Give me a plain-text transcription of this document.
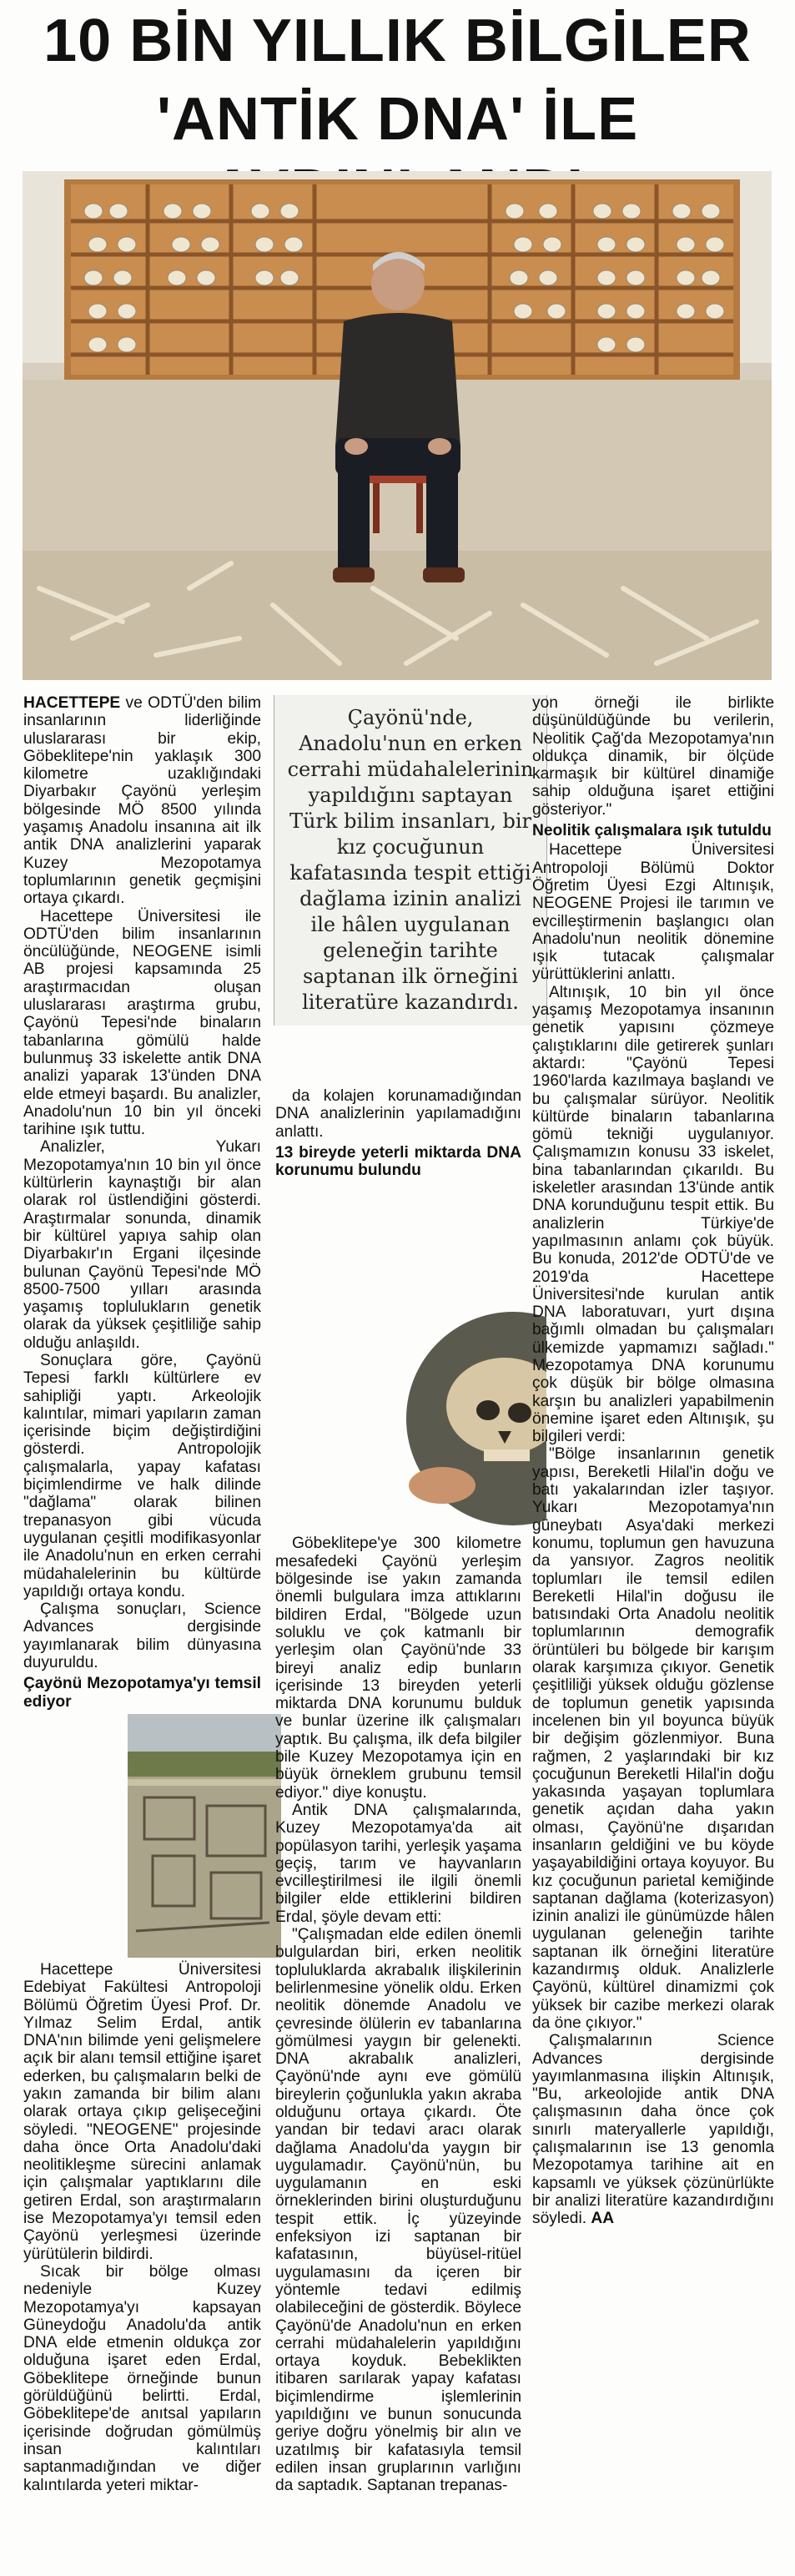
10 BİN YILLIK BİLGİLER
'ANTİK DNA' İLE
Çayönü'nde, Anadolu'nun en erken cerrahi müdahalelerinin yapıldığını saptayan Türk bilim insanları, bir kız çocuğunun kafatasında tespit ettiği dağlama izinin analizi ile hâlen uygulanan geleneğin tarihte saptanan ilk örneğini literatüre kazandırdı.

HACETTEPE ve ODTÜ'den bilim insanlarının liderliğinde uluslararası bir ekip, Göbeklitepe'nin yaklaşık 300 kilometre uzaklığındaki Diyarbakır Çayönü yerleşim bölgesinde MÖ 8500 yılında yaşamış Anadolu insanına ait ilk antik DNA analizlerini yaparak Kuzey Mezopotamya toplumlarının genetik geçmişini ortaya çıkardı.

Hacettepe Üniversitesi ile ODTÜ'den bilim insanlarının öncülüğünde, NEOGENE isimli AB projesi kapsamında 25 araştırmacıdan oluşan uluslararası araştırma grubu, Çayönü Tepesi'nde binaların tabanlarına gömülü halde bulunmuş 33 iskelette antik DNA analizi yaparak 13'ünden DNA elde etmeyi başardı. Bu analizler, Anadolu'nun 10 bin yıl önceki tarihine ışık tuttu.

Analizler, Yukarı Mezopotamya'nın 10 bin yıl önce kültürlerin kaynaştığı bir alan olarak rol üstlendiğini gösterdi. Araştırmalar sonunda, dinamik bir kültürel yapıya sahip olan Diyarbakır'ın Ergani ilçesinde bulunan Çayönü Tepesi'nde MÖ 8500-7500 yılları arasında yaşamış toplulukların genetik olarak da yüksek çeşitliliğe sahip olduğu anlaşıldı.

Sonuçlara göre, Çayönü Tepesi farklı kültürlere ev sahipliği yaptı. Arkeolojik kalıntılar, mimari yapıların zaman içerisinde biçim değiştirdiğini gösterdi. Antropolojik çalışmalarla, yapay kafatası biçimlendirme ve halk dilinde "dağlama" olarak bilinen trepanasyon gibi vücuda uygulanan çeşitli modifikasyonlar ile Anadolu'nun en erken cerrahi müdahalelerinin bu kültürde yapıldığı ortaya kondu.

Çalışma sonuçları, Science Advances dergisinde yayımlanarak bilim dünyasına duyuruldu.

Çayönü Mezopotamya'yı temsil ediyor

Hacettepe Üniversitesi Edebiyat Fakültesi Antropoloji Bölümü Öğretim Üyesi Prof. Dr. Yılmaz Selim Erdal, antik DNA'nın bilimde yeni gelişmelere açık bir alanı temsil ettiğine işaret ederken, bu çalışmaların belki de yakın zamanda bir bilim alanı olarak ortaya çıkıp gelişeceğini söyledi. "NEOGENE" projesinde daha önce Orta Anadolu'daki neolitikleşme sürecini anlamak için çalışmalar yaptıklarını dile getiren Erdal, son araştırmaların ise Mezopotamya'yı temsil eden Çayönü yerleşmesi üzerinde yürütülerin bildirdi.

Sıcak bir bölge olması nedeniyle Kuzey Mezopotamya'yı kapsayan Güneydoğu Anadolu'da antik DNA elde etmenin oldukça zor olduğuna işaret eden Erdal, Göbeklitepe örneğinde bunun görüldüğünü belirtti. Erdal, Göbeklitepe'de anıtsal yapıların içerisinde doğrudan gömülmüş insan kalıntıları saptanmadığından ve diğer kalıntılarda yeteri miktar-

da kolajen korunamadığından DNA analizlerinin yapılamadığını anlattı.

13 bireyde yeterli miktarda DNA korunumu bulundu

Göbeklitepe'ye 300 kilometre mesafedeki Çayönü yerleşim bölgesinde ise yakın zamanda önemli bulgulara imza attıklarını bildiren Erdal, "Bölgede uzun soluklu ve çok katmanlı bir yerleşim olan Çayönü'nde 33 bireyi analiz edip bunların içerisinde 13 bireyden yeterli miktarda DNA korunumu bulduk ve bunlar üzerine ilk çalışmaları yaptık. Bu çalışma, ilk defa bilgiler bile Kuzey Mezopotamya için en büyük örneklem grubunu temsil ediyor." diye konuştu.

Antik DNA çalışmalarında, Kuzey Mezopotamya'da ait popülasyon tarihi, yerleşik yaşama geçiş, tarım ve hayvanların evcilleştirilmesi ile ilgili önemli bilgiler elde ettiklerini bildiren Erdal, şöyle devam etti:

"Çalışmadan elde edilen önemli bulgulardan biri, erken neolitik topluluklarda akrabalık ilişkilerinin belirlenmesine yönelik oldu. Erken neolitik dönemde Anadolu ve çevresinde ölülerin ev tabanlarına gömülmesi yaygın bir gelenekti. DNA akrabalık analizleri, Çayönü'nde aynı eve gömülü bireylerin çoğunlukla yakın akraba olduğunu ortaya çıkardı. Öte yandan bir tedavi aracı olarak dağlama Anadolu'da yaygın bir uygulamadır. Çayönü'nün, bu uygulamanın en eski örneklerinden birini oluşturduğunu tespit ettik. İç yüzeyinde enfeksiyon izi saptanan bir kafatasının, büyüsel-ritüel uygulamasını da içeren bir yöntemle tedavi edilmiş olabileceğini de gösterdik. Böylece Çayönü'de Anadolu'nun en erken cerrahi müdahalelerin yapıldığını ortaya koyduk. Bebeklikten itibaren sarılarak yapay kafatası biçimlendirme işlemlerinin yapıldığını ve bunun sonucunda geriye doğru yönelmiş bir alın ve uzatılmış bir kafatasıyla temsil edilen insan gruplarının varlığını da saptadık. Saptanan trepanas-

yon örneği ile birlikte düşünüldüğünde bu verilerin, Neolitik Çağ'da Mezopotamya'nın oldukça dinamik, bir ölçüde karmaşık bir kültürel dinamiğe sahip olduğuna işaret ettiğini gösteriyor."

Neolitik çalışmalara ışık tutuldu

Hacettepe Üniversitesi Antropoloji Bölümü Doktor Öğretim Üyesi Ezgi Altınışık, NEOGENE Projesi ile tarımın ve evcilleştirmenin başlangıcı olan Anadolu'nun neolitik dönemine ışık tutacak çalışmalar yürüttüklerini anlattı.

Altınışık, 10 bin yıl önce yaşamış Mezopotamya insanının genetik yapısını çözmeye çalıştıklarını dile getirerek şunları aktardı: "Çayönü Tepesi 1960'larda kazılmaya başlandı ve bu çalışmalar sürüyor. Neolitik kültürde binaların tabanlarına gömü tekniği uygulanıyor. Çalışmamızın konusu 33 iskelet, bina tabanlarından çıkarıldı. Bu iskeletler arasından 13'ünde antik DNA korunduğunu tespit ettik. Bu analizlerin Türkiye'de yapılmasının anlamı çok büyük. Bu konuda, 2012'de ODTÜ'de ve 2019'da Hacettepe Üniversitesi'nde kurulan antik DNA laboratuvarı, yurt dışına bağımlı olmadan bu çalışmaları ülkemizde yapmamızı sağladı." Mezopotamya DNA korunumu çok düşük bir bölge olmasına karşın bu analizleri yapabilmenin önemine işaret eden Altınışık, şu bilgileri verdi:

"Bölge insanlarının genetik yapısı, Bereketli Hilal'in doğu ve batı yakalarından izler taşıyor. Yukarı Mezopotamya'nın güneybatı Asya'daki merkezi konumu, toplumun gen havuzuna da yansıyor. Zagros neolitik toplumları ile temsil edilen Bereketli Hilal'in doğusu ile batısındaki Orta Anadolu neolitik toplumlarının demografik örüntüleri bu bölgede bir karışım olarak karşımıza çıkıyor. Genetik çeşitliliği yüksek olduğu gözlense de toplumun genetik yapısında incelenen bin yıl boyunca büyük bir değişim gözlenmiyor. Buna rağmen, 2 yaşlarındaki bir kız çocuğunun Bereketli Hilal'in doğu yakasında yaşayan toplumlara genetik açıdan daha yakın olması, Çayönü'ne dışarıdan insanların geldiğini ve bu köyde yaşayabildiğini ortaya koyuyor. Bu kız çocuğunun parietal kemiğinde saptanan dağlama (koterizasyon) izinin analizi ile günümüzde hâlen uygulanan geleneğin tarihte saptanan ilk örneğini literatüre kazandırmış olduk. Analizlerle Çayönü, kültürel dinamizmi çok yüksek bir cazibe merkezi olarak da öne çıkıyor."

Çalışmalarının Science Advances dergisinde yayımlanmasına ilişkin Altınışık, "Bu, arkeolojide antik DNA çalışmasının daha önce çok sınırlı materyallerle yapıldığı, çalışmalarının ise 13 genomla Mezopotamya tarihine ait en kapsamlı ve yüksek çözünürlükte bir analizi literatüre kazandırdığını söyledi. AA
